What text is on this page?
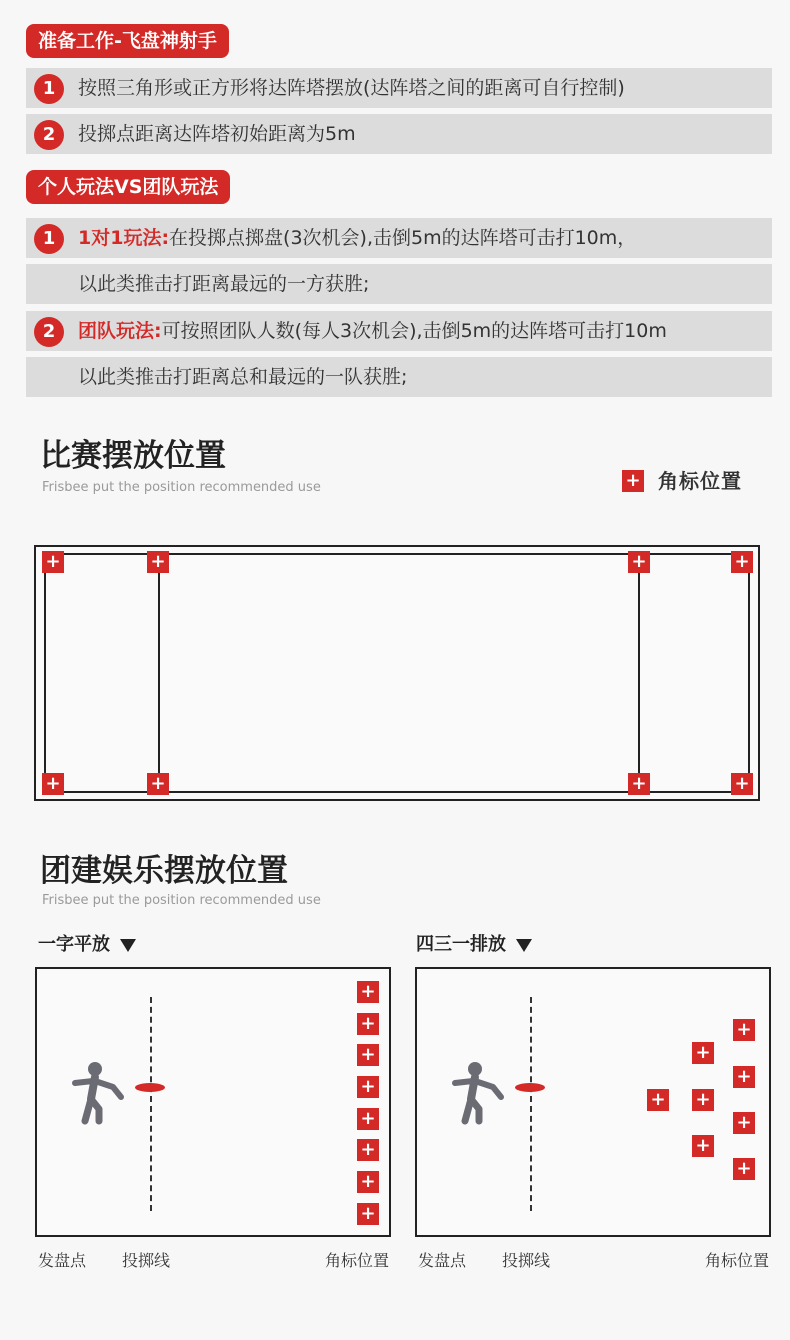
准备工作-飞盘神射手
1	按照三角形或正方形将达阵塔摆放(达阵塔之间的距离可自行控制)
2	投掷点距离达阵塔初始距离为5m
个人玩法VS团队玩法
1	1对1玩法:在投掷点掷盘(3次机会),击倒5m的达阵塔可击打10m，
以此类推击打距离最远的一方获胜;
2	团队玩法:可按照团队人数(每人3次机会),击倒5m的达阵塔可击打10m
以此类推击打距离总和最远的一队获胜;
比赛摆放位置
Frisbee put the position recommended use	+ 角标位置
+	+	+	+
+	+	+	+
团建娱乐摆放位置
Frisbee put the position recommended use
一字平放	四三一排放
+
+
+
+
+
+
+
+
+
+
+
+
+
+
+
+
发盘点 投掷线	角标位置 发盘点 投掷线	角标位置
